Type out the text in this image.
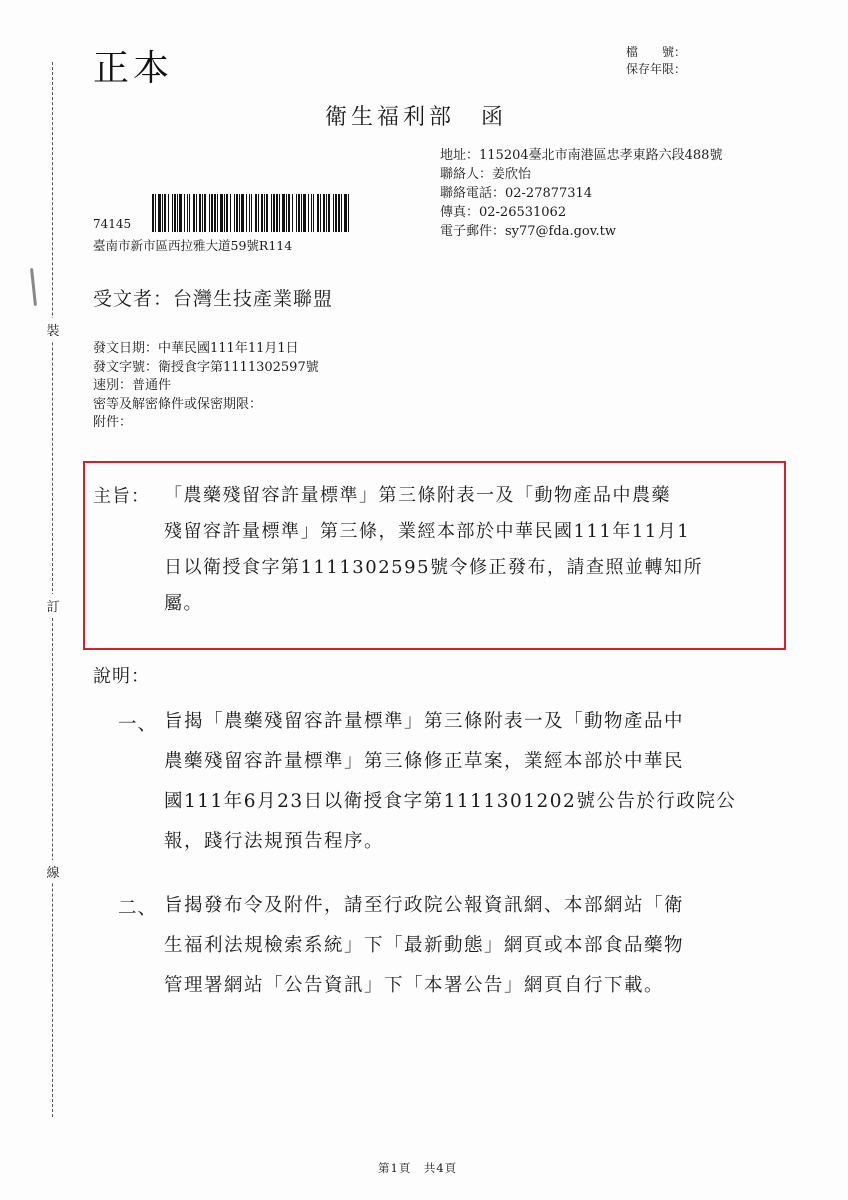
裝
訂
線
正本	檔　　號：
保存年限：
衛生福利部　函
地址：115204臺北市南港區忠孝東路六段488號
聯絡人：姜欣怡
聯絡電話：02-27877314
傳真：02-26531062
電子郵件：sy77@fda.gov.tw
74145
臺南市新市區西拉雅大道59號R114
受文者：台灣生技產業聯盟
發文日期：中華民國111年11月1日
發文字號：衛授食字第1111302597號
速別：普通件
密等及解密條件或保密期限：
附件：
主旨： 「農藥殘留容許量標準」第三條附表一及「動物產品中農藥
殘留容許量標準」第三條，業經本部於中華民國111年11月1
日以衛授食字第1111302595號令修正發布，請查照並轉知所
屬。
說明：
一、 旨揭「農藥殘留容許量標準」第三條附表一及「動物產品中
農藥殘留容許量標準」第三條修正草案，業經本部於中華民
國111年6月23日以衛授食字第1111301202號公告於行政院公
報，踐行法規預告程序。
二、 旨揭發布令及附件，請至行政院公報資訊網、本部網站「衛
生福利法規檢索系統」下「最新動態」網頁或本部食品藥物
管理署網站「公告資訊」下「本署公告」網頁自行下載。
第1頁　共4頁
